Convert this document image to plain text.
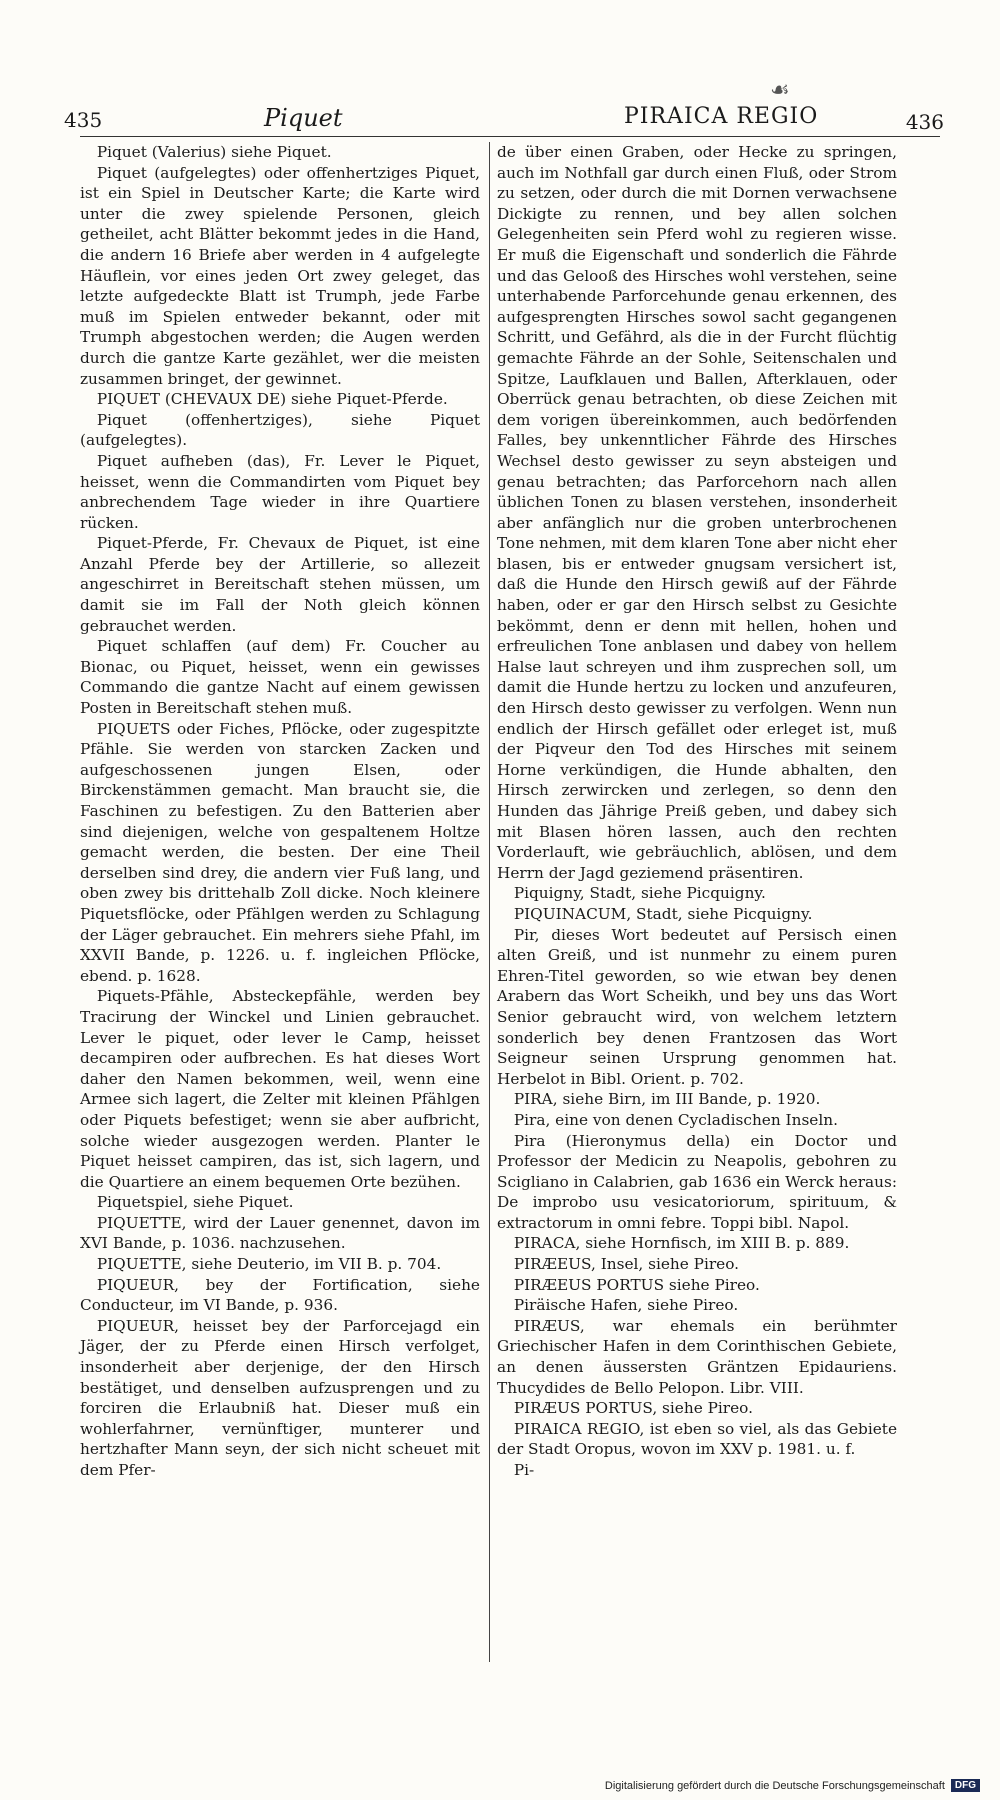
☙
435	Piquet	PIRAICA REGIO	436

Piquet (Valerius) siehe Piquet.

Piquet (aufgelegtes) oder offenhertziges Piquet, ist ein Spiel in Deutscher Karte; die Karte wird unter die zwey spielende Personen, gleich getheilet, acht Blätter bekommt jedes in die Hand, die andern 16 Briefe aber werden in 4 aufgelegte Häuflein, vor eines jeden Ort zwey geleget, das letzte aufgedeckte Blatt ist Trumph, jede Farbe muß im Spielen entweder bekannt, oder mit Trumph abgestochen werden; die Augen werden durch die gantze Karte gezählet, wer die meisten zusammen bringet, der gewinnet.

PIQUET (CHEVAUX DE) siehe Piquet-Pferde.

Piquet (offenhertziges), siehe Piquet (aufgelegtes).

Piquet aufheben (das), Fr. Lever le Piquet, heisset, wenn die Commandirten vom Piquet bey anbrechendem Tage wieder in ihre Quartiere rücken.

Piquet-Pferde, Fr. Chevaux de Piquet, ist eine Anzahl Pferde bey der Artillerie, so allezeit angeschirret in Bereitschaft stehen müssen, um damit sie im Fall der Noth gleich können gebrauchet werden.

Piquet schlaffen (auf dem) Fr. Coucher au Bionac, ou Piquet, heisset, wenn ein gewisses Commando die gantze Nacht auf einem gewissen Posten in Bereitschaft stehen muß.

PIQUETS oder Fiches, Pflöcke, oder zugespitzte Pfähle. Sie werden von starcken Zacken und aufgeschossenen jungen Elsen, oder Birckenstämmen gemacht. Man braucht sie, die Faschinen zu befestigen. Zu den Batterien aber sind diejenigen, welche von gespaltenem Holtze gemacht werden, die besten. Der eine Theil derselben sind drey, die andern vier Fuß lang, und oben zwey bis drittehalb Zoll dicke. Noch kleinere Piquetsflöcke, oder Pfählgen werden zu Schlagung der Läger gebrauchet. Ein mehrers siehe Pfahl, im XXVII Bande, p. 1226. u. f. ingleichen Pflöcke, ebend. p. 1628.

Piquets-Pfähle, Absteckepfähle, werden bey Tracirung der Winckel und Linien gebrauchet. Lever le piquet, oder lever le Camp, heisset decampiren oder aufbrechen. Es hat dieses Wort daher den Namen bekommen, weil, wenn eine Armee sich lagert, die Zelter mit kleinen Pfählgen oder Piquets befestiget; wenn sie aber aufbricht, solche wieder ausgezogen werden. Planter le Piquet heisset campiren, das ist, sich lagern, und die Quartiere an einem bequemen Orte bezühen.

Piquetspiel, siehe Piquet.

PIQUETTE, wird der Lauer genennet, davon im XVI Bande, p. 1036. nachzusehen.

PIQUETTE, siehe Deuterio, im VII B. p. 704.

PIQUEUR, bey der Fortification, siehe Conducteur, im VI Bande, p. 936.

PIQUEUR, heisset bey der Parforcejagd ein Jäger, der zu Pferde einen Hirsch verfolget, insonderheit aber derjenige, der den Hirsch bestätiget, und denselben aufzusprengen und zu forciren die Erlaubniß hat. Dieser muß ein wohlerfahrner, vernünftiger, munterer und hertzhafter Mann seyn, der sich nicht scheuet mit dem Pfer-

de über einen Graben, oder Hecke zu springen, auch im Nothfall gar durch einen Fluß, oder Strom zu setzen, oder durch die mit Dornen verwachsene Dickigte zu rennen, und bey allen solchen Gelegenheiten sein Pferd wohl zu regieren wisse. Er muß die Eigenschaft und sonderlich die Fährde und das Gelooß des Hirsches wohl verstehen, seine unterhabende Parforcehunde genau erkennen, des aufgesprengten Hirsches sowol sacht gegangenen Schritt, und Gefährd, als die in der Furcht flüchtig gemachte Fährde an der Sohle, Seitenschalen und Spitze, Laufklauen und Ballen, Afterklauen, oder Oberrück genau betrachten, ob diese Zeichen mit dem vorigen übereinkommen, auch bedörfenden Falles, bey unkenntlicher Fährde des Hirsches Wechsel desto gewisser zu seyn absteigen und genau betrachten; das Parforcehorn nach allen üblichen Tonen zu blasen verstehen, insonderheit aber anfänglich nur die groben unterbrochenen Tone nehmen, mit dem klaren Tone aber nicht eher blasen, bis er entweder gnugsam versichert ist, daß die Hunde den Hirsch gewiß auf der Fährde haben, oder er gar den Hirsch selbst zu Gesichte bekömmt, denn er denn mit hellen, hohen und erfreulichen Tone anblasen und dabey von hellem Halse laut schreyen und ihm zusprechen soll, um damit die Hunde hertzu zu locken und anzufeuren, den Hirsch desto gewisser zu verfolgen. Wenn nun endlich der Hirsch gefället oder erleget ist, muß der Piqveur den Tod des Hirsches mit seinem Horne verkündigen, die Hunde abhalten, den Hirsch zerwircken und zerlegen, so denn den Hunden das Jährige Preiß geben, und dabey sich mit Blasen hören lassen, auch den rechten Vorderlauft, wie gebräuchlich, ablösen, und dem Herrn der Jagd geziemend präsentiren.

Piquigny, Stadt, siehe Picquigny.

PIQUINACUM, Stadt, siehe Picquigny.

Pir, dieses Wort bedeutet auf Persisch einen alten Greiß, und ist nunmehr zu einem puren Ehren-Titel geworden, so wie etwan bey denen Arabern das Wort Scheikh, und bey uns das Wort Senior gebraucht wird, von welchem letztern sonderlich bey denen Frantzosen das Wort Seigneur seinen Ursprung genommen hat. Herbelot in Bibl. Orient. p. 702.

PIRA, siehe Birn, im III Bande, p. 1920.

Pira, eine von denen Cycladischen Inseln.

Pira (Hieronymus della) ein Doctor und Professor der Medicin zu Neapolis, gebohren zu Scigliano in Calabrien, gab 1636 ein Werck heraus: De improbo usu vesicatoriorum, spirituum, & extractorum in omni febre. Toppi bibl. Napol.

PIRACA, siehe Hornfisch, im XIII B. p. 889.

PIRÆEUS, Insel, siehe Pireo.

PIRÆEUS PORTUS siehe Pireo.

Piräische Hafen, siehe Pireo.

PIRÆUS, war ehemals ein berühmter Griechischer Hafen in dem Corinthischen Gebiete, an denen äussersten Gräntzen Epidauriens. Thucydides de Bello Pelopon. Libr. VIII.

PIRÆUS PORTUS, siehe Pireo.

PIRAICA REGIO, ist eben so viel, als das Gebiete der Stadt Oropus, wovon im XXV p. 1981. u. f.

Pi-

Digitalisierung gefördert durch die Deutsche Forschungsgemeinschaft	DFG
